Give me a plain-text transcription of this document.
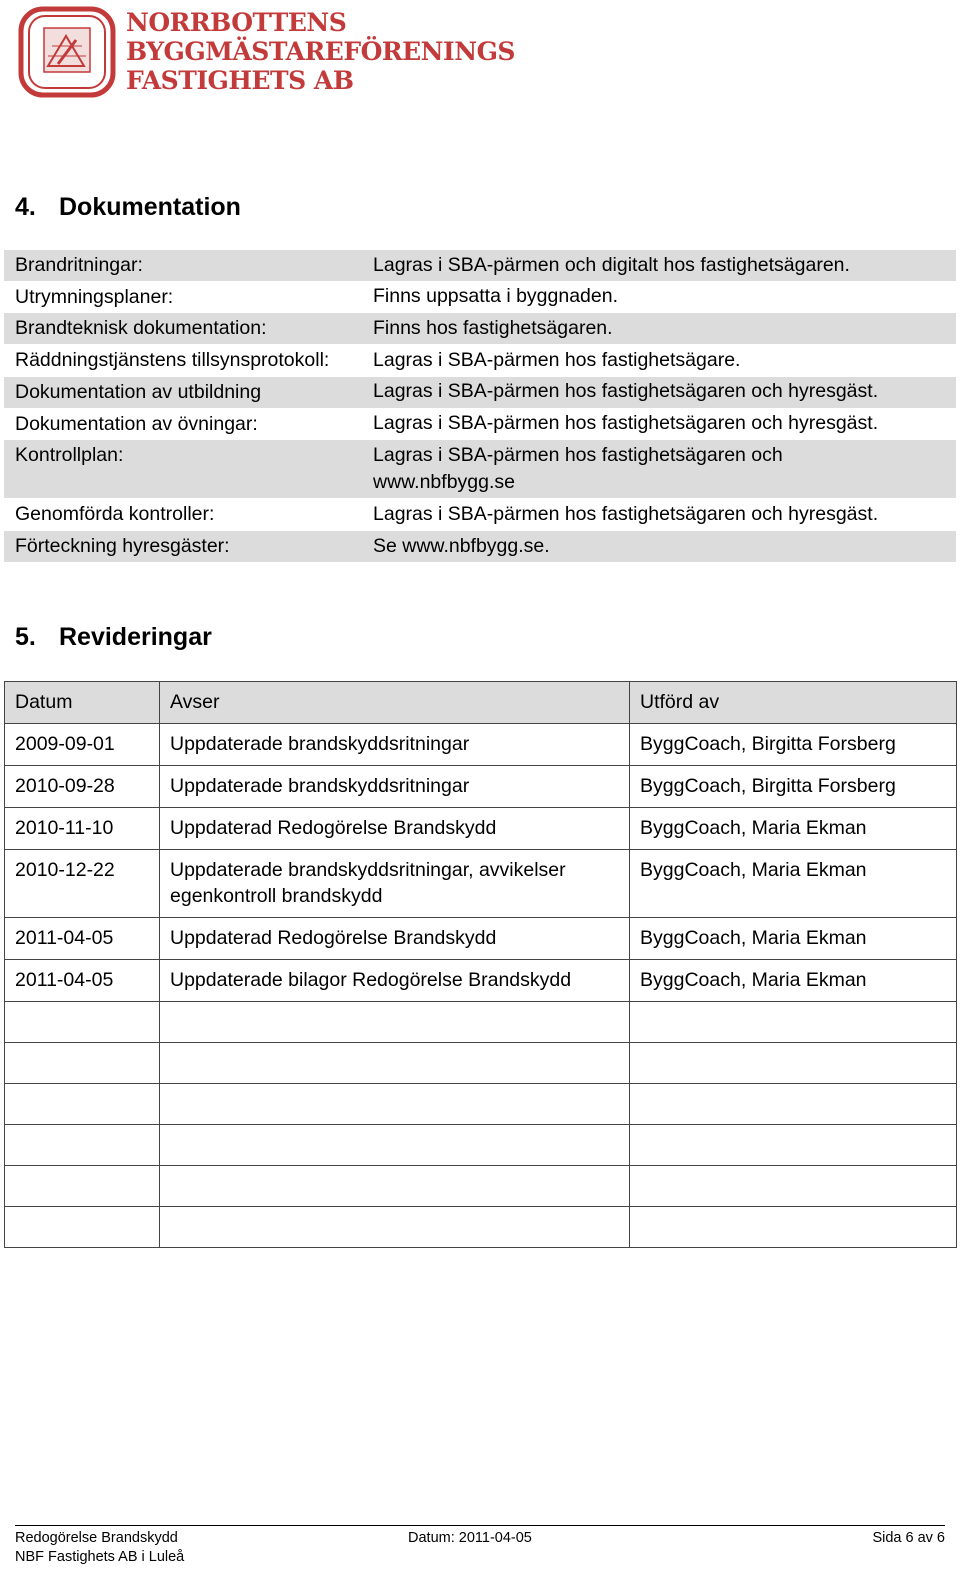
NORRBOTTENS
BYGGMÄSTAREFÖRENINGS
FASTIGHETS AB
4. Dokumentation
Brandritningar:	Lagras i SBA-pärmen och digitalt hos fastighetsägaren.
Utrymningsplaner:	Finns uppsatta i byggnaden.
Brandteknisk dokumentation:	Finns hos fastighetsägaren.
Räddningstjänstens tillsynsprotokoll:	Lagras i SBA-pärmen hos fastighetsägare.
Dokumentation av utbildning	Lagras i SBA-pärmen hos fastighetsägaren och hyresgäst.
Dokumentation av övningar:	Lagras i SBA-pärmen hos fastighetsägaren och hyresgäst.
Kontrollplan:	Lagras i SBA-pärmen hos fastighetsägaren och www.nbfbygg.se
Genomförda kontroller:	Lagras i SBA-pärmen hos fastighetsägaren och hyresgäst.
Förteckning hyresgäster:	Se www.nbfbygg.se.
5. Revideringar
Datum	Avser	Utförd av
2009-09-01	Uppdaterade brandskyddsritningar	ByggCoach, Birgitta Forsberg
2010-09-28	Uppdaterade brandskyddsritningar	ByggCoach, Birgitta Forsberg
2010-11-10	Uppdaterad Redogörelse Brandskydd	ByggCoach, Maria Ekman
2010-12-22	Uppdaterade brandskyddsritningar, avvikelser egenkontroll brandskydd	ByggCoach, Maria Ekman
2011-04-05	Uppdaterad Redogörelse Brandskydd	ByggCoach, Maria Ekman
2011-04-05	Uppdaterade bilagor Redogörelse Brandskydd	ByggCoach, Maria Ekman

Redogörelse Brandskydd
NBF Fastighets AB i Luleå
Datum: 2011-04-05	Sida 6 av 6
